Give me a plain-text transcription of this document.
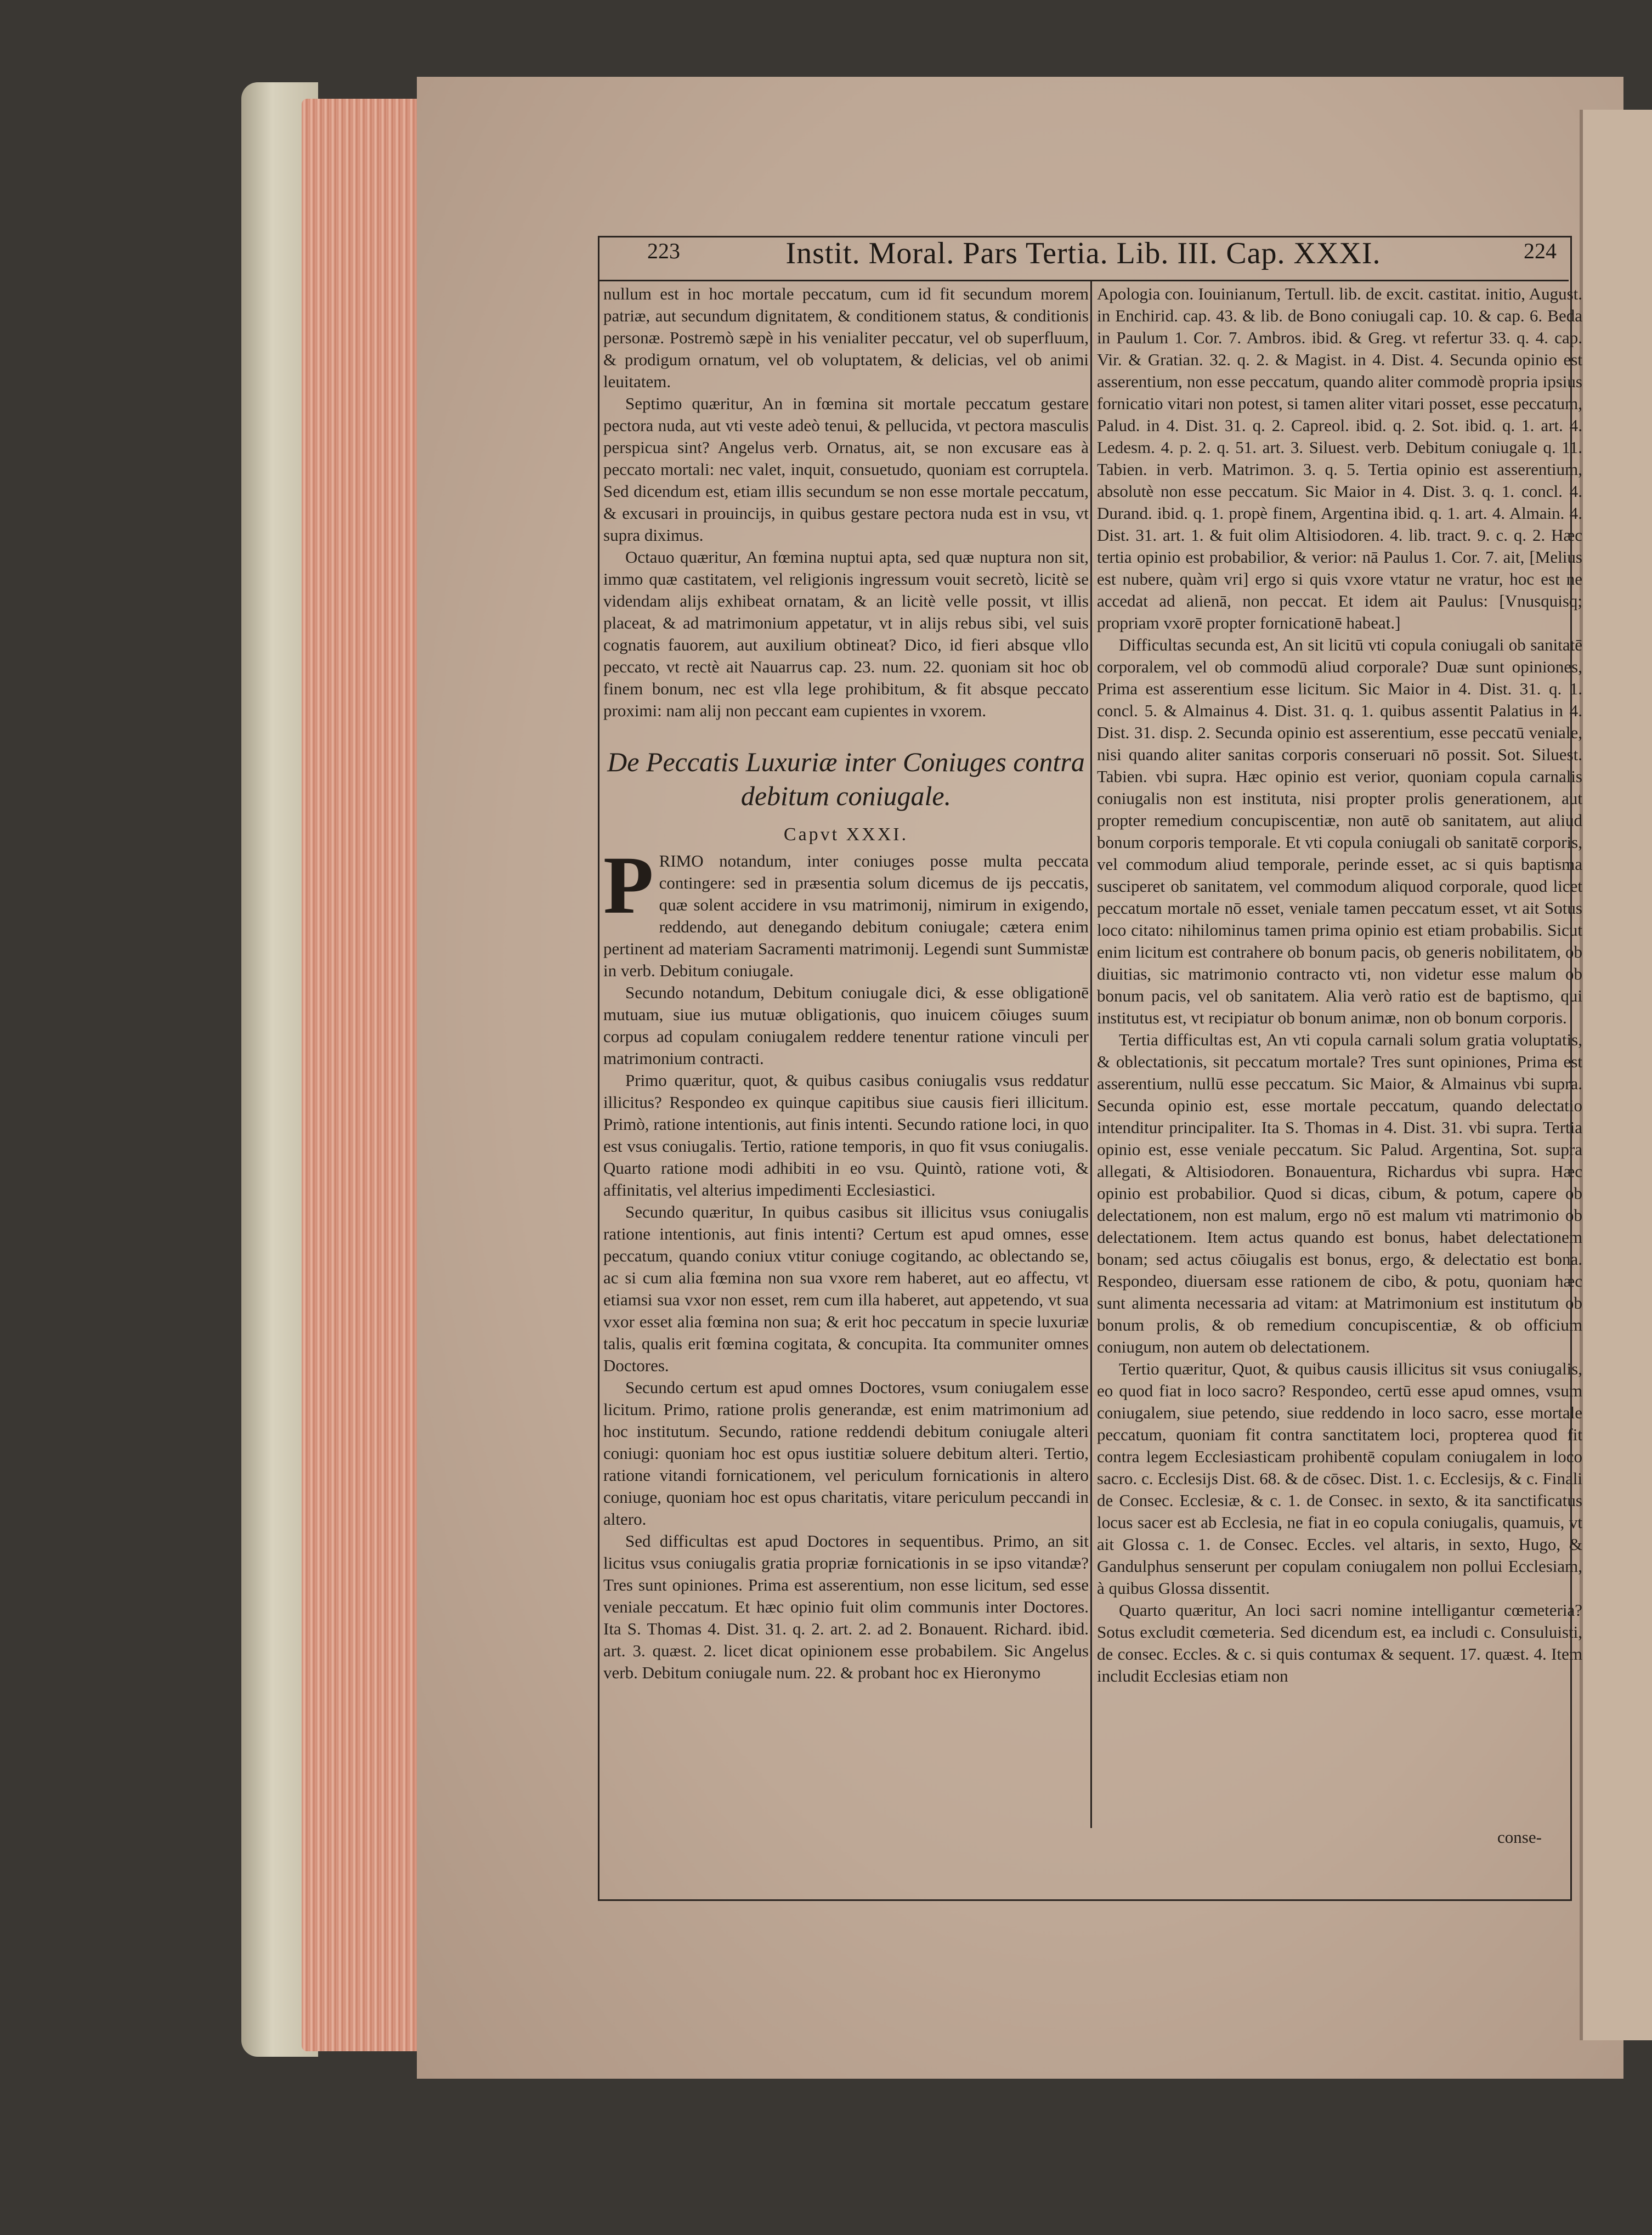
223	Instit. Moral. Pars Tertia. Lib. III. Cap. XXXI.	224

nullum est in hoc mortale peccatum, cum id fit secundum morem patriæ, aut secundum dignitatem, & conditionem status, & conditionis personæ. Postremò sæpè in his venialiter peccatur, vel ob superfluum, & prodigum ornatum, vel ob voluptatem, & delicias, vel ob animi leuitatem.

Septimo quæritur, An in fœmina sit mortale peccatum gestare pectora nuda, aut vti veste adeò tenui, & pellucida, vt pectora masculis perspicua sint? Angelus verb. Ornatus, ait, se non excusare eas à peccato mortali: nec valet, inquit, consuetudo, quoniam est corruptela. Sed dicendum est, etiam illis secundum se non esse mortale peccatum, & excusari in prouincijs, in quibus gestare pectora nuda est in vsu, vt supra diximus.

Octauo quæritur, An fœmina nuptui apta, sed quæ nuptura non sit, immo quæ castitatem, vel religionis ingressum vouit secretò, licitè se videndam alijs exhibeat ornatam, & an licitè velle possit, vt illis placeat, & ad matrimonium appetatur, vt in alijs rebus sibi, vel suis cognatis fauorem, aut auxilium obtineat? Dico, id fieri absque vllo peccato, vt rectè ait Nauarrus cap. 23. num. 22. quoniam sit hoc ob finem bonum, nec est vlla lege prohibitum, & fit absque peccato proximi: nam alij non peccant eam cupientes in vxorem.

De Peccatis Luxuriæ inter Coniuges contra debitum coniugale.
Capvt XXXI.

PRIMO notandum, inter coniuges posse multa peccata contingere: sed in præsentia solum dicemus de ijs peccatis, quæ solent accidere in vsu matrimonij, nimirum in exigendo, reddendo, aut denegando debitum coniugale; cætera enim pertinent ad materiam Sacramenti matrimonij. Legendi sunt Summistæ in verb. Debitum coniugale.

Secundo notandum, Debitum coniugale dici, & esse obligationē mutuam, siue ius mutuæ obligationis, quo inuicem cōiuges suum corpus ad copulam coniugalem reddere tenentur ratione vinculi per matrimonium contracti.

Primo quæritur, quot, & quibus casibus coniugalis vsus reddatur illicitus? Respondeo ex quinque capitibus siue causis fieri illicitum. Primò, ratione intentionis, aut finis intenti. Secundo ratione loci, in quo est vsus coniugalis. Tertio, ratione temporis, in quo fit vsus coniugalis. Quarto ratione modi adhibiti in eo vsu. Quintò, ratione voti, & affinitatis, vel alterius impedimenti Ecclesiastici.

Secundo quæritur, In quibus casibus sit illicitus vsus coniugalis ratione intentionis, aut finis intenti? Certum est apud omnes, esse peccatum, quando coniux vtitur coniuge cogitando, ac oblectando se, ac si cum alia fœmina non sua vxore rem haberet, aut eo affectu, vt etiamsi sua vxor non esset, rem cum illa haberet, aut appetendo, vt sua vxor esset alia fœmina non sua; & erit hoc peccatum in specie luxuriæ talis, qualis erit fœmina cogitata, & concupita. Ita communiter omnes Doctores.

Secundo certum est apud omnes Doctores, vsum coniugalem esse licitum. Primo, ratione prolis generandæ, est enim matrimonium ad hoc institutum. Secundo, ratione reddendi debitum coniugale alteri coniugi: quoniam hoc est opus iustitiæ soluere debitum alteri. Tertio, ratione vitandi fornicationem, vel periculum fornicationis in altero coniuge, quoniam hoc est opus charitatis, vitare periculum peccandi in altero.

Sed difficultas est apud Doctores in sequentibus. Primo, an sit licitus vsus coniugalis gratia propriæ fornicationis in se ipso vitandæ? Tres sunt opiniones. Prima est asserentium, non esse licitum, sed esse veniale peccatum. Et hæc opinio fuit olim communis inter Doctores. Ita S. Thomas 4. Dist. 31. q. 2. art. 2. ad 2. Bonauent. Richard. ibid. art. 3. quæst. 2. licet dicat opinionem esse probabilem. Sic Angelus verb. Debitum coniugale num. 22. & probant hoc ex Hieronymo

Apologia con. Iouinianum, Tertull. lib. de excit. castitat. initio, August. in Enchirid. cap. 43. & lib. de Bono coniugali cap. 10. & cap. 6. Beda in Paulum 1. Cor. 7. Ambros. ibid. & Greg. vt refertur 33. q. 4. cap. Vir. & Gratian. 32. q. 2. & Magist. in 4. Dist. 4. Secunda opinio est asserentium, non esse peccatum, quando aliter commodè propria ipsius fornicatio vitari non potest, si tamen aliter vitari posset, esse peccatum, Palud. in 4. Dist. 31. q. 2. Capreol. ibid. q. 2. Sot. ibid. q. 1. art. 4. Ledesm. 4. p. 2. q. 51. art. 3. Siluest. verb. Debitum coniugale q. 11. Tabien. in verb. Matrimon. 3. q. 5. Tertia opinio est asserentium, absolutè non esse peccatum. Sic Maior in 4. Dist. 3. q. 1. concl. 4. Durand. ibid. q. 1. propè finem, Argentina ibid. q. 1. art. 4. Almain. 4. Dist. 31. art. 1. & fuit olim Altisiodoren. 4. lib. tract. 9. c. q. 2. Hæc tertia opinio est probabilior, & verior: nā Paulus 1. Cor. 7. ait, [Melius est nubere, quàm vri] ergo si quis vxore vtatur ne vratur, hoc est ne accedat ad alienā, non peccat. Et idem ait Paulus: [Vnusquisq; propriam vxorē propter fornicationē habeat.]

Difficultas secunda est, An sit licitū vti copula coniugali ob sanitatē corporalem, vel ob commodū aliud corporale? Duæ sunt opiniones, Prima est asserentium esse licitum. Sic Maior in 4. Dist. 31. q. 1. concl. 5. & Almainus 4. Dist. 31. q. 1. quibus assentit Palatius in 4. Dist. 31. disp. 2. Secunda opinio est asserentium, esse peccatū veniale, nisi quando aliter sanitas corporis conseruari nō possit. Sot. Siluest. Tabien. vbi supra. Hæc opinio est verior, quoniam copula carnalis coniugalis non est instituta, nisi propter prolis generationem, aut propter remedium concupiscentiæ, non autē ob sanitatem, aut aliud bonum corporis temporale. Et vti copula coniugali ob sanitatē corporis, vel commodum aliud temporale, perinde esset, ac si quis baptisma susciperet ob sanitatem, vel commodum aliquod corporale, quod licet peccatum mortale nō esset, veniale tamen peccatum esset, vt ait Sotus loco citato: nihilominus tamen prima opinio est etiam probabilis. Sicut enim licitum est contrahere ob bonum pacis, ob generis nobilitatem, ob diuitias, sic matrimonio contracto vti, non videtur esse malum ob bonum pacis, vel ob sanitatem. Alia verò ratio est de baptismo, qui institutus est, vt recipiatur ob bonum animæ, non ob bonum corporis.

Tertia difficultas est, An vti copula carnali solum gratia voluptatis, & oblectationis, sit peccatum mortale? Tres sunt opiniones, Prima est asserentium, nullū esse peccatum. Sic Maior, & Almainus vbi supra. Secunda opinio est, esse mortale peccatum, quando delectatio intenditur principaliter. Ita S. Thomas in 4. Dist. 31. vbi supra. Tertia opinio est, esse veniale peccatum. Sic Palud. Argentina, Sot. supra allegati, & Altisiodoren. Bonauentura, Richardus vbi supra. Hæc opinio est probabilior. Quod si dicas, cibum, & potum, capere ob delectationem, non est malum, ergo nō est malum vti matrimonio ob delectationem. Item actus quando est bonus, habet delectationem bonam; sed actus cōiugalis est bonus, ergo, & delectatio est bona. Respondeo, diuersam esse rationem de cibo, & potu, quoniam hæc sunt alimenta necessaria ad vitam: at Matrimonium est institutum ob bonum prolis, & ob remedium concupiscentiæ, & ob officium coniugum, non autem ob delectationem.

Tertio quæritur, Quot, & quibus causis illicitus sit vsus coniugalis, eo quod fiat in loco sacro? Respondeo, certū esse apud omnes, vsum coniugalem, siue petendo, siue reddendo in loco sacro, esse mortale peccatum, quoniam fit contra sanctitatem loci, propterea quod fit contra legem Ecclesiasticam prohibentē copulam coniugalem in loco sacro. c. Ecclesijs Dist. 68. & de cōsec. Dist. 1. c. Ecclesijs, & c. Finali de Consec. Ecclesiæ, & c. 1. de Consec. in sexto, & ita sanctificatus locus sacer est ab Ecclesia, ne fiat in eo copula coniugalis, quamuis, vt ait Glossa c. 1. de Consec. Eccles. vel altaris, in sexto, Hugo, & Gandulphus senserunt per copulam coniugalem non pollui Ecclesiam, à quibus Glossa dissentit.

Quarto quæritur, An loci sacri nomine intelligantur cœmeteria? Sotus excludit cœmeteria. Sed dicendum est, ea includi c. Consuluisti, de consec. Eccles. & c. si quis contumax & sequent. 17. quæst. 4. Item includit Ecclesias etiam non

conse-
